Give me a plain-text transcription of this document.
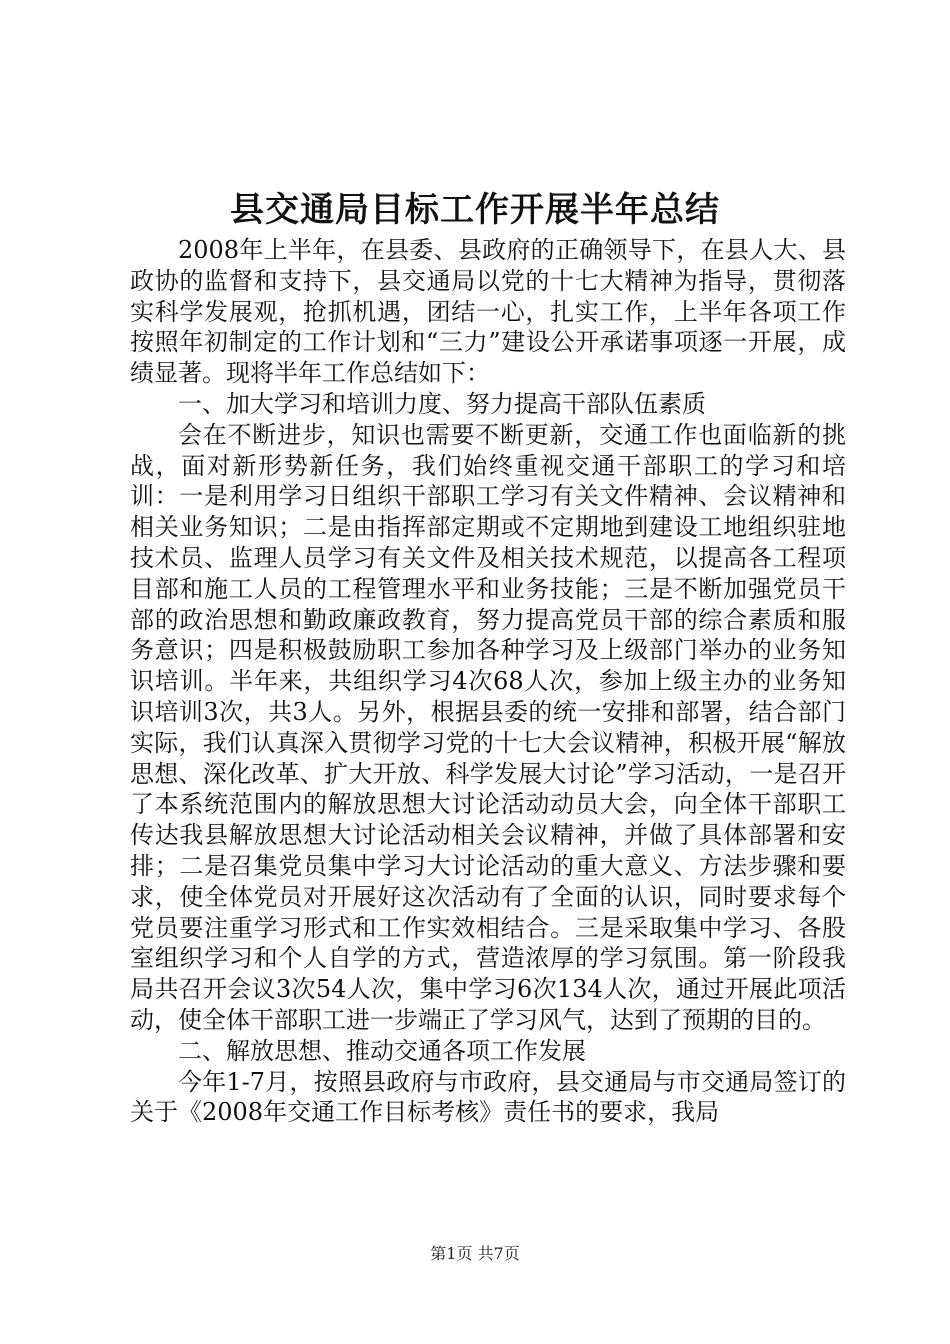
县交通局目标工作开展半年总结

2008年上半年，在县委、县政府的正确领导下，在县人大、县政协的监督和支持下，县交通局以党的十七大精神为指导，贯彻落实科学发展观，抢抓机遇，团结一心，扎实工作，上半年各项工作按照年初制定的工作计划和“三力”建设公开承诺事项逐一开展，成绩显著。现将半年工作总结如下：

一、加大学习和培训力度、努力提高干部队伍素质

会在不断进步，知识也需要不断更新，交通工作也面临新的挑战，面对新形势新任务，我们始终重视交通干部职工的学习和培训：一是利用学习日组织干部职工学习有关文件精神、会议精神和相关业务知识；二是由指挥部定期或不定期地到建设工地组织驻地技术员、监理人员学习有关文件及相关技术规范，以提高各工程项目部和施工人员的工程管理水平和业务技能；三是不断加强党员干部的政治思想和勤政廉政教育，努力提高党员干部的综合素质和服务意识；四是积极鼓励职工参加各种学习及上级部门举办的业务知识培训。半年来，共组织学习4次68人次，参加上级主办的业务知识培训3次，共3人。另外，根据县委的统一安排和部署，结合部门实际，我们认真深入贯彻学习党的十七大会议精神，积极开展“解放思想、深化改革、扩大开放、科学发展大讨论”学习活动，一是召开了本系统范围内的解放思想大讨论活动动员大会，向全体干部职工传达我县解放思想大讨论活动相关会议精神，并做了具体部署和安排；二是召集党员集中学习大讨论活动的重大意义、方法步骤和要求，使全体党员对开展好这次活动有了全面的认识，同时要求每个党员要注重学习形式和工作实效相结合。三是采取集中学习、各股室组织学习和个人自学的方式，营造浓厚的学习氛围。第一阶段我局共召开会议3次54人次，集中学习6次134人次，通过开展此项活动，使全体干部职工进一步端正了学习风气，达到了预期的目的。

二、解放思想、推动交通各项工作发展

今年1-7月，按照县政府与市政府，县交通局与市交通局签订的关于《2008年交通工作目标考核》责任书的要求，我局

第1页 共7页
